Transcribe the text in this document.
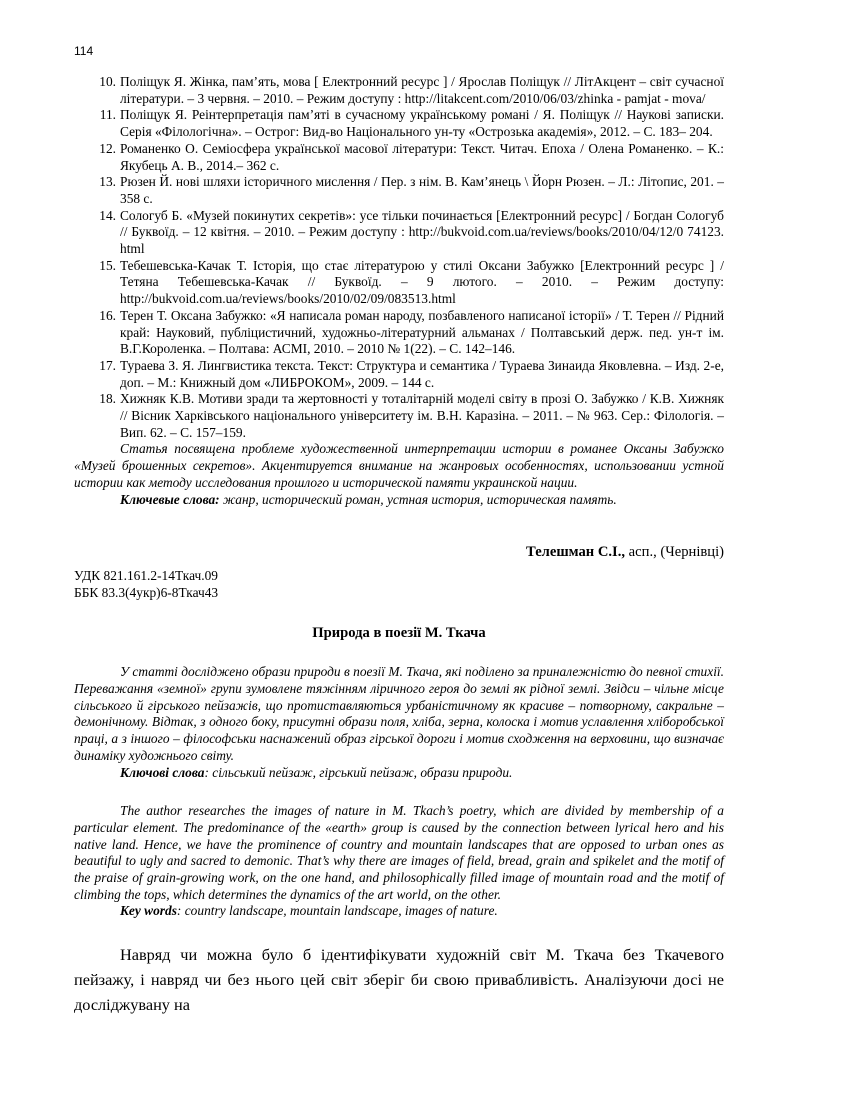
114
10. Поліщук Я. Жінка, пам’ять, мова [ Електронний ресурс ] / Ярослав Поліщук // ЛітАкцент – світ сучасної літератури. – 3 червня. – 2010. – Режим доступу : http://litakcent.com/2010/06/03/zhinka - pamjat - mova/
11. Поліщук Я. Реінтерпретація пам’яті в сучасному українському романі / Я. Поліщук // Наукові записки. Серія «Філологічна». – Острог: Вид-во Національного ун-ту «Острозька академія», 2012. – С. 183– 204.
12. Романенко О. Семіосфера української масової літератури: Текст. Читач. Епоха / Олена Романенко. – К.: Якубець А. В., 2014.– 362 с.
13. Рюзен Й. нові шляхи історичного мислення / Пер. з нім. В. Кам’янець \ Йорн Рюзен. – Л.: Літопис, 201. – 358 с.
14. Сологуб Б. «Музей покинутих секретів»: усе тільки починається [Електронний ресурс] / Богдан Сологуб // Буквоїд. – 12 квітня. – 2010. – Режим доступу : http://bukvoid.com.ua/reviews/books/2010/04/12/0 74123. html
15. Тебешевська-Качак Т. Історія, що стає літературою у стилі Оксани Забужко [Електронний ресурс ] / Тетяна Тебешевська-Качак // Буквоїд. – 9 лютого. – 2010. – Режим доступу: http://bukvoid.com.ua/reviews/books/2010/02/09/083513.html
16. Терен Т. Оксана Забужко: «Я написала роман народу, позбавленого написаної історії» / Т. Терен // Рідний край: Науковий, публіцистичний, художньо-літературний альманах / Полтавський держ. пед. ун-т ім. В.Г.Короленка. – Полтава: АСМІ, 2010. – 2010 № 1(22). – С. 142–146.
17. Тураева З. Я. Лингвистика текста. Текст: Структура и семантика / Тураева Зинаида Яковлевна. – Изд. 2-е, доп. – М.: Книжный дом «ЛИБРОКОМ», 2009. – 144 с.
18. Хижняк К.В. Мотиви зради та жертовності у тоталітарній моделі світу в прозі О. Забужко / К.В. Хижняк // Вісник Харківського національного університету ім. В.Н. Каразіна. – 2011. – № 963. Сер.: Філологія. – Вип. 62. – С. 157–159.

Статья посвящена проблеме художественной интерпретации истории в романее Оксаны Забужко «Музей брошенных секретов». Акцентируется внимание на жанровых особенностях, использовании устной истории как методу исследования прошлого и исторической памяти украинской нации.

Ключевые слова: жанр, исторический роман, устная история, историческая память.

Телешман С.І., асп., (Чернівці)
УДК 821.161.2-14Ткач.09
ББК 83.3(4укр)6-8Ткач43
Природа в поезії М. Ткача

У статті досліджено образи природи в поезії М. Ткача, які поділено за приналежністю до певної стихії. Переважання «земної» групи зумовлене тяжінням ліричного героя до землі як рідної землі. Звідси – чільне місце сільського й гірського пейзажів, що протиставляються урбаністичному як красиве – потворному, сакральне – демонічному. Відтак, з одного боку, присутні образи поля, хліба, зерна, колоска і мотив уславлення хліборобської праці, а з іншого – філософськи наснажений образ гірської дороги і мотив сходження на верховини, що визначає динаміку художнього світу.

Ключові слова: сільський пейзаж, гірський пейзаж, образи природи.

The author researches the images of nature in M. Tkach’s poetry, which are divided by membership of a particular element. The predominance of the «earth» group is caused by the connection between lyrical hero and his native land. Hence, we have the prominence of country and mountain landscapes that are opposed to urban ones as beautiful to ugly and sacred to demonic. That’s why there are images of field, bread, grain and spikelet and the motif of the praise of grain-growing work, on the one hand, and philosophically filled image of mountain road and the motif of climbing the tops, which determines the dynamics of the art world, on the other.

Key words: country landscape, mountain landscape, images of nature.

Навряд чи можна було б ідентифікувати художній світ М. Ткача без Ткачевого пейзажу, і навряд чи без нього цей світ зберіг би свою привабливість. Аналізуючи досі не досліджувану на
